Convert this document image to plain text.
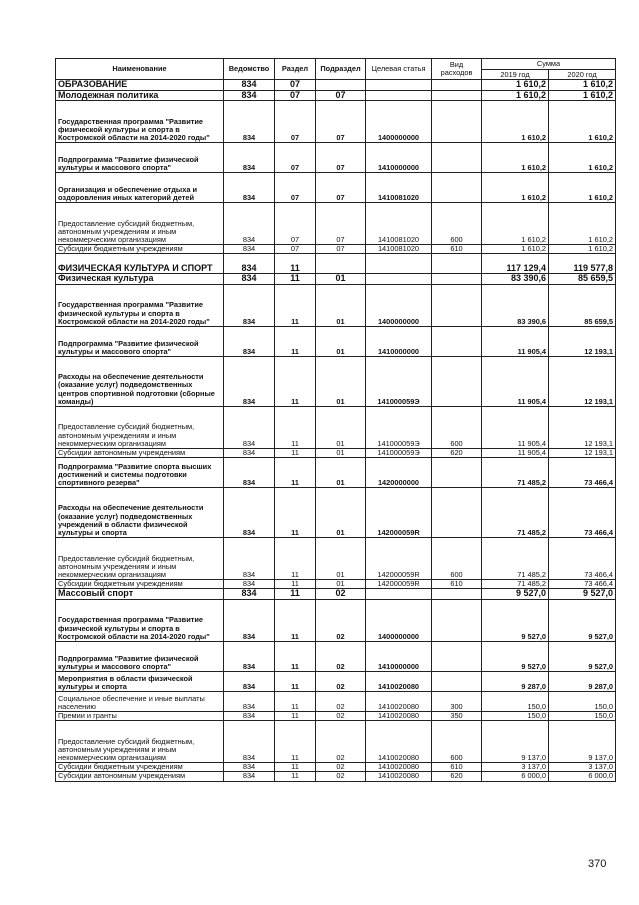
Наименование	Ведомство	Раздел	Подраздел	Целевая статья	Вид расходов	Сумма	
						2019 год	2020 год
ОБРАЗОВАНИЕ	834	07				1 610,2	1 610,2
Молодежная политика	834	07	07			1 610,2	1 610,2
Государственная программа "Развитие физической культуры и спорта в Костромской области на 2014-2020 годы"	834	07	07	1400000000		1 610,2	1 610,2
Подпрограмма "Развитие физической культуры и массового спорта"	834	07	07	1410000000		1 610,2	1 610,2
Организация и обеспечение отдыха и оздоровления иных категорий детей	834	07	07	1410081020		1 610,2	1 610,2
Предоставление субсидий бюджетным, автономным учреждениям и иным некоммерческим организациям	834	07	07	1410081020	600	1 610,2	1 610,2
Субсидии бюджетным учреждениям	834	07	07	1410081020	610	1 610,2	1 610,2
ФИЗИЧЕСКАЯ КУЛЬТУРА И СПОРТ	834	11				117 129,4	119 577,8
Физическая культура	834	11	01			83 390,6	85 659,5
Государственная программа "Развитие физической культуры и спорта в Костромской области на 2014-2020 годы"	834	11	01	1400000000		83 390,6	85 659,5
Подпрограмма "Развитие физической культуры и массового спорта"	834	11	01	1410000000		11 905,4	12 193,1
Расходы на обеспечение деятельности (оказание услуг) подведомственных центров спортивной подготовки (сборные команды)	834	11	01	141000059Э		11 905,4	12 193,1
Предоставление субсидий бюджетным, автономным учреждениям и иным некоммерческим организациям	834	11	01	141000059Э	600	11 905,4	12 193,1
Субсидии автономным учреждениям	834	11	01	141000059Э	620	11 905,4	12 193,1
Подпрограмма "Развитие спорта высших достижений и системы подготовки спортивного резерва"	834	11	01	1420000000		71 485,2	73 466,4
Расходы на обеспечение деятельности (оказание услуг) подведомственных учреждений в области физической культуры и спорта	834	11	01	142000059R		71 485,2	73 466,4
Предоставление субсидий бюджетным, автономным учреждениям и иным некоммерческим организациям	834	11	01	142000059R	600	71 485,2	73 466,4
Субсидии бюджетным учреждениям	834	11	01	142000059R	610	71 485,2	73 466,4
Массовый спорт	834	11	02			9 527,0	9 527,0
Государственная программа "Развитие физической культуры и спорта в Костромской области на 2014-2020 годы"	834	11	02	1400000000		9 527,0	9 527,0
Подпрограмма "Развитие физической культуры и массового спорта"	834	11	02	1410000000		9 527,0	9 527,0
Мероприятия в области физической культуры и спорта	834	11	02	1410020080		9 287,0	9 287,0
Социальное обеспечение и иные выплаты населению	834	11	02	1410020080	300	150,0	150,0
Премии и гранты	834	11	02	1410020080	350	150,0	150,0
Предоставление субсидий бюджетным, автономным учреждениям и иным некоммерческим организациям	834	11	02	1410020080	600	9 137,0	9 137,0
Субсидии бюджетным учреждениям	834	11	02	1410020080	610	3 137,0	3 137,0
Субсидии автономным учреждениям	834	11	02	1410020080	620	6 000,0	6 000,0
370
